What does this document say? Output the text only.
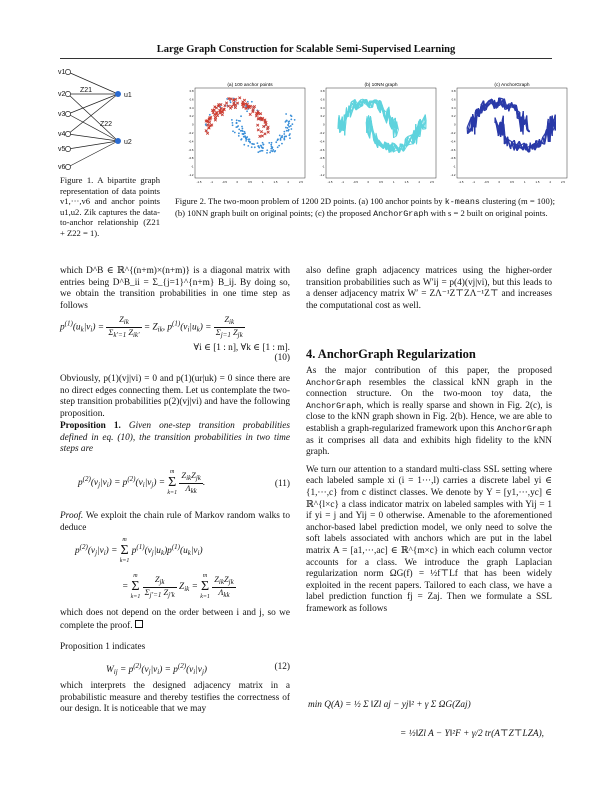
Large Graph Construction for Scalable Semi-Supervised Learning
v1
v2
v3
v4
v5
v6
u1
u2
Z21
Z22
Figure 1. A bipartite graph representation of data points v1,···,v6 and anchor points u1,u2. Zik captures the data-to-anchor relationship (Z21 + Z22 = 1).
(a) 100 anchor points
-1.5	-1	-0.5	0	0.5	1	1.5	2	2.5
0.8
0.6
0.4
0.2
0
-0.2
-0.4
-0.6
-0.8
-1
-1.2
(b) 10NN graph
-1.5	-1	-0.5	0	0.5	1	1.5	2	2.5
0.8
0.6
0.4
0.2
0
-0.2
-0.4
-0.6
-0.8
-1
-1.2
(c) AnchorGraph
-1.5	-1	-0.5	0	0.5	1	1.5	2	2.5
0.8
0.6
0.4
0.2
0
-0.2
-0.4
-0.6
-0.8
-1
-1.2
Figure 2. The two-moon problem of 1200 2D points. (a) 100 anchor points by k-means clustering (m = 100); (b) 10NN graph built on original points; (c) the proposed AnchorGraph with s = 2 built on original points.

which D^B ∈ ℝ^{(n+m)×(n+m)} is a diagonal matrix with entries being D^B_ii = Σ_{j=1}^{n+m} B_ij. By doing so, we obtain the transition probabilities in one time step as follows

$p^{(1)}(u_k|v_i) = \frac{Z_{ik}}{\Sigma_{k'=1} Z_{ik'}} = Z_{ik}$, $p^{(1)}(v_i|u_k) = \frac{Z_{ik}}{\Sigma_{j=1} Z_{jk}}$
∀i ∈ [1 : n], ∀k ∈ [1 : m].
(10)

Obviously, p(1)(vj|vi) = 0 and p(1)(ur|uk) = 0 since there are no direct edges connecting them. Let us contemplate the two-step transition probabilities p(2)(vj|vi) and have the following proposition.

Proposition 1. Given one-step transition probabilities defined in eq. (10), the transition probabilities in two time steps are

$p^{(2)}(v_j|v_i) = p^{(2)}(v_i|v_j) = m$
Σ
$k=1 \frac{Z_{ik}Z_{jk}}{\Lambda_{kk}}$ .	(11)

Proof. We exploit the chain rule of Markov random walks to deduce

$p^{(2)}(v_j|v_i) = m$
Σ
k=1 $p^{(1)}(v_j|u_k)p^{(1)}(u_k|v_i)$
= m
Σ
$k=1 \frac{Z_{jk}}{\Sigma_{j'=1} Z_{j'k}} Z_{ik} = m$
Σ
$k=1 \frac{Z_{ik}Z_{jk}}{\Lambda_{kk}}$

which does not depend on the order between i and j, so we complete the proof.

Proposition 1 indicates
$W_{ij} = p^{(2)}(v_j|v_i) = p^{(2)}(v_i|v_j)$	(12)

which interprets the designed adjacency matrix in a probabilistic measure and thereby testifies the correctness of our design. It is noticeable that we may

also define graph adjacency matrices using the higher-order transition probabilities such as W′ij = p(4)(vj|vi), but this leads to a denser adjacency matrix W′ = ZΛ⁻¹Z⊤ZΛ⁻¹Z⊤ and increases the computational cost as well.

4. AnchorGraph Regularization

As the major contribution of this paper, the proposed AnchorGraph resembles the classical kNN graph in the connection structure. On the two-moon toy data, the AnchorGraph, which is really sparse and shown in Fig. 2(c), is close to the kNN graph shown in Fig. 2(b). Hence, we are able to establish a graph-regularized framework upon this AnchorGraph as it comprises all data and exhibits high fidelity to the kNN graph.

We turn our attention to a standard multi-class SSL setting where each labeled sample xi (i = 1···,l) carries a discrete label yi ∈ {1,···,c} from c distinct classes. We denote by Y = [y1,···,yc] ∈ ℝ^{l×c} a class indicator matrix on labeled samples with Yij = 1 if yi = j and Yij = 0 otherwise. Amenable to the aforementioned anchor-based label prediction model, we only need to solve the soft labels associated with anchors which are put in the label matrix A = [a1,···,ac] ∈ ℝ^{m×c} in which each column vector accounts for a class. We introduce the graph Laplacian regularization norm ΩG(f) = ½f⊤Lf that has been widely exploited in the recent papers. Tailored to each class, we have a label prediction function fj = Zaj. Then we formulate a SSL framework as follows

min Q(A) = ½ Σ ‖Zl aj − yj‖² + γ Σ ΩG(Zaj)
= ½‖Zl A − Y‖²F + γ/2 tr(A⊤Z⊤LZA),
